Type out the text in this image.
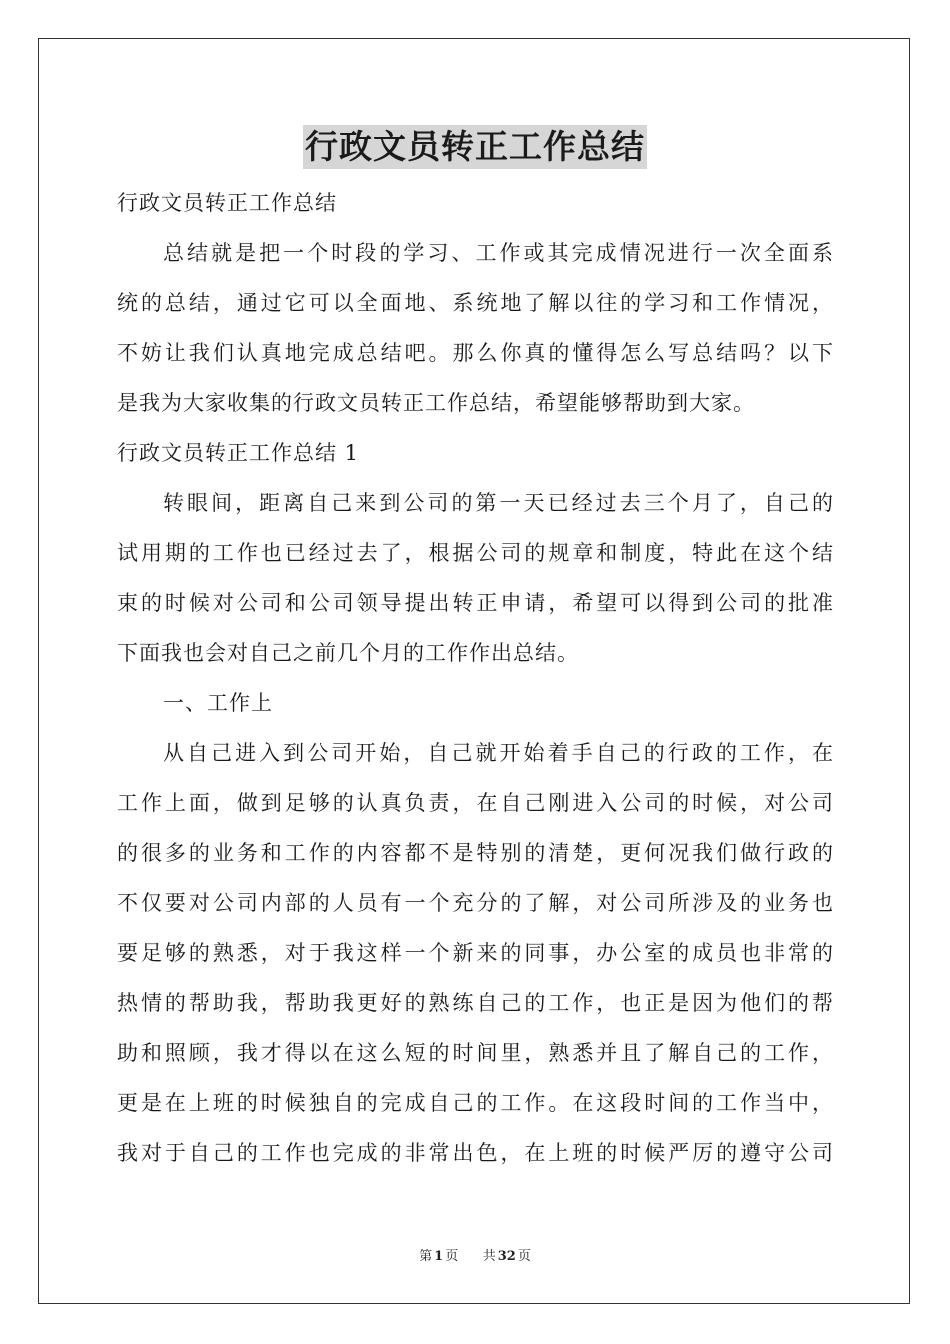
行政文员转正工作总结
行政文员转正工作总结
总结就是把一个时段的学习、工作或其完成情况进行一次全面系
统的总结，通过它可以全面地、系统地了解以往的学习和工作情况，
不妨让我们认真地完成总结吧。那么你真的懂得怎么写总结吗？以下
是我为大家收集的行政文员转正工作总结，希望能够帮助到大家。
行政文员转正工作总结 1
转眼间，距离自己来到公司的第一天已经过去三个月了，自己的
试用期的工作也已经过去了，根据公司的规章和制度，特此在这个结
束的时候对公司和公司领导提出转正申请，希望可以得到公司的批准
下面我也会对自己之前几个月的工作作出总结。
一、工作上
从自己进入到公司开始，自己就开始着手自己的行政的工作，在
工作上面，做到足够的认真负责，在自己刚进入公司的时候，对公司
的很多的业务和工作的内容都不是特别的清楚，更何况我们做行政的
不仅要对公司内部的人员有一个充分的了解，对公司所涉及的业务也
要足够的熟悉，对于我这样一个新来的同事，办公室的成员也非常的
热情的帮助我，帮助我更好的熟练自己的工作，也正是因为他们的帮
助和照顾，我才得以在这么短的时间里，熟悉并且了解自己的工作，
更是在上班的时候独自的完成自己的工作。在这段时间的工作当中，
我对于自己的工作也完成的非常出色，在上班的时候严厉的遵守公司
第 1 页 共 32 页
